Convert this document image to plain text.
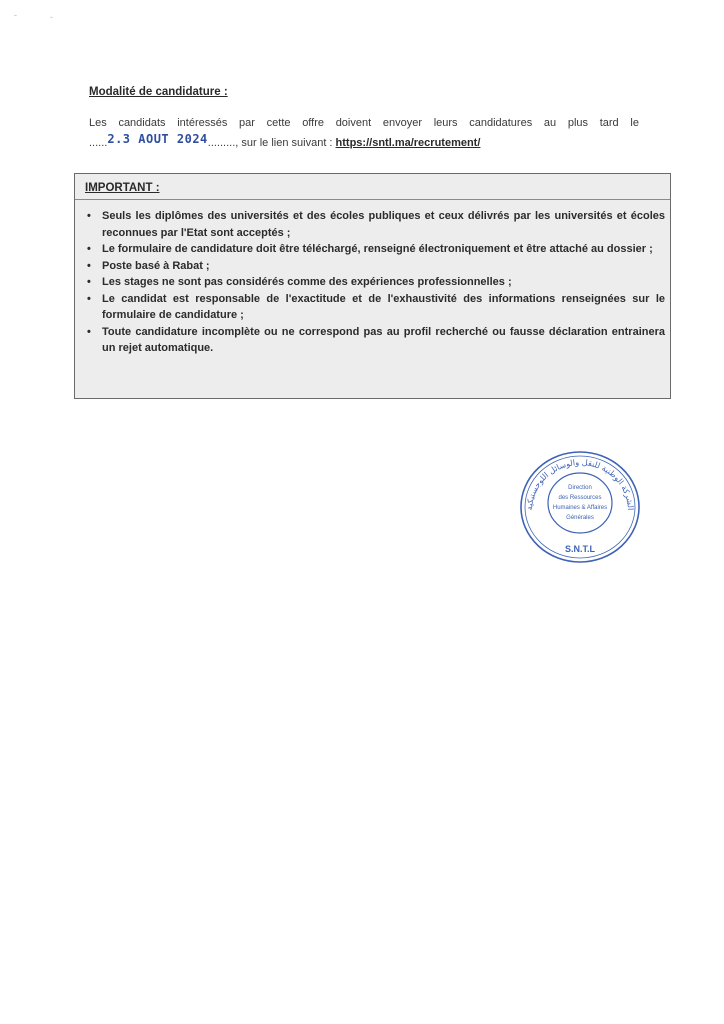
-	-
Modalité de candidature :
Les candidats intéressés par cette offre doivent envoyer leurs candidatures au plus tard le
......2.3 AOUT 2024........., sur le lien suivant : https://sntl.ma/recrutement/
IMPORTANT :
• Seuls les diplômes des universités et des écoles publiques et ceux délivrés par les universités et écoles reconnues par l'Etat sont acceptés ;
• Le formulaire de candidature doit être téléchargé, renseigné électroniquement et être attaché au dossier ;
• Poste basé à Rabat ;
• Les stages ne sont pas considérés comme des expériences professionnelles ;
• Le candidat est responsable de l'exactitude et de l'exhaustivité des informations renseignées sur le formulaire de candidature ;
• Toute candidature incomplète ou ne correspond pas au profil recherché ou fausse déclaration entrainera un rejet automatique.
الشركة الوطنية للنقل والوسائل اللوجستيكية
S.N.T.L
Direction
des Ressources
Humaines & Affaires
Générales
